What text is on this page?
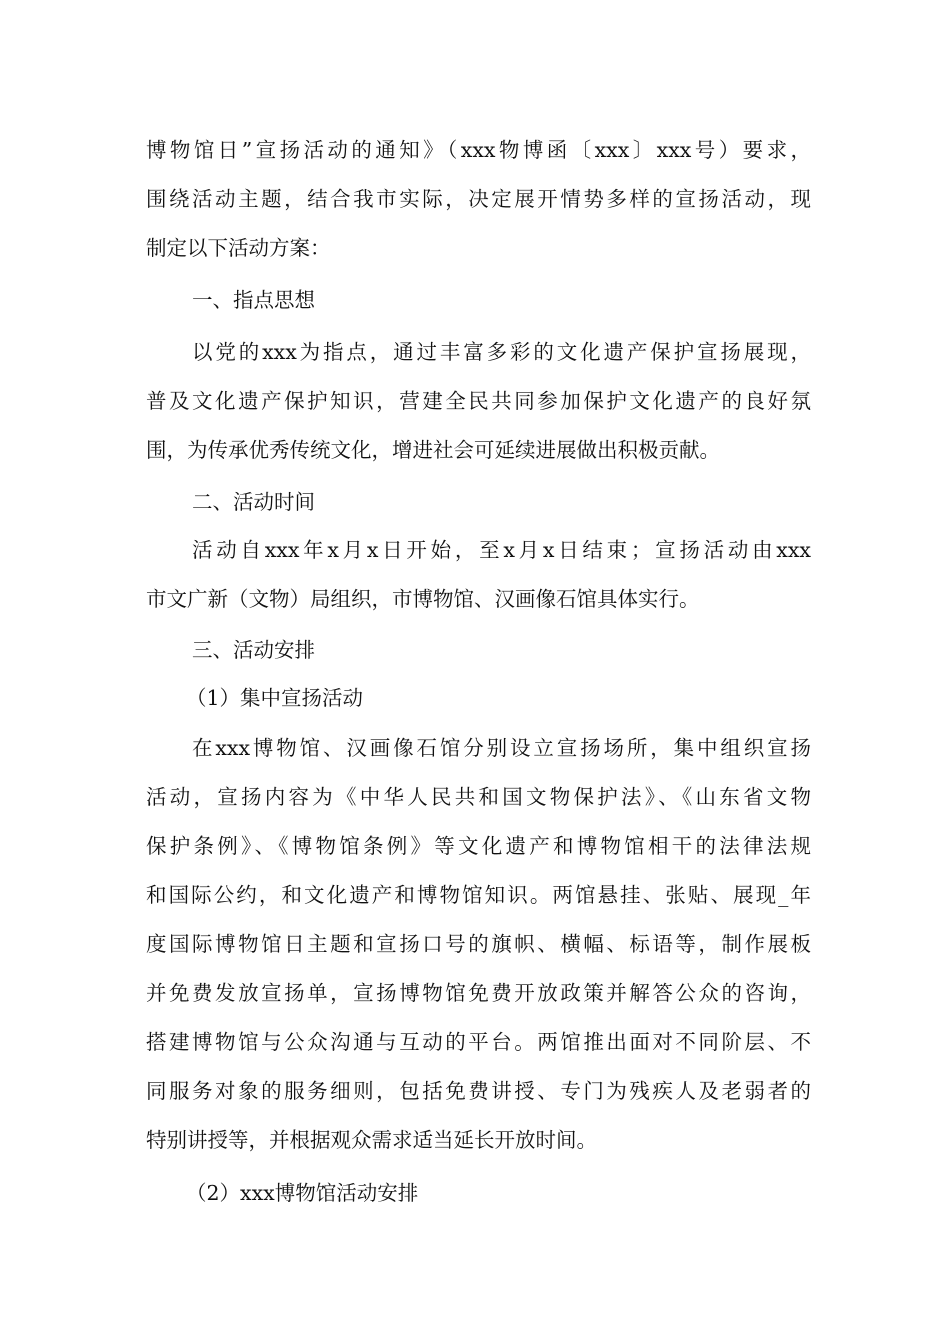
博物馆日”宣扬活动的通知》（xxx物博函〔xxx〕xxx号）要求，
围绕活动主题，结合我市实际，决定展开情势多样的宣扬活动，现
制定以下活动方案：
一、指点思想
以党的xxx为指点，通过丰富多彩的文化遗产保护宣扬展现，
普及文化遗产保护知识，营建全民共同参加保护文化遗产的良好氛
围，为传承优秀传统文化，增进社会可延续进展做出积极贡献。
二、活动时间
活动自xxx年x月x日开始，至x月x日结束；宣扬活动由xxx
市文广新（文物）局组织，市博物馆、汉画像石馆具体实行。
三、活动安排
（1）集中宣扬活动
在xxx博物馆、汉画像石馆分别设立宣扬场所，集中组织宣扬
活动，宣扬内容为《中华人民共和国文物保护法》、《山东省文物
保护条例》、《博物馆条例》等文化遗产和博物馆相干的法律法规
和国际公约，和文化遗产和博物馆知识。两馆悬挂、张贴、展现_年
度国际博物馆日主题和宣扬口号的旗帜、横幅、标语等，制作展板
并免费发放宣扬单，宣扬博物馆免费开放政策并解答公众的咨询，
搭建博物馆与公众沟通与互动的平台。两馆推出面对不同阶层、不
同服务对象的服务细则，包括免费讲授、专门为残疾人及老弱者的
特别讲授等，并根据观众需求适当延长开放时间。
（2）xxx博物馆活动安排
